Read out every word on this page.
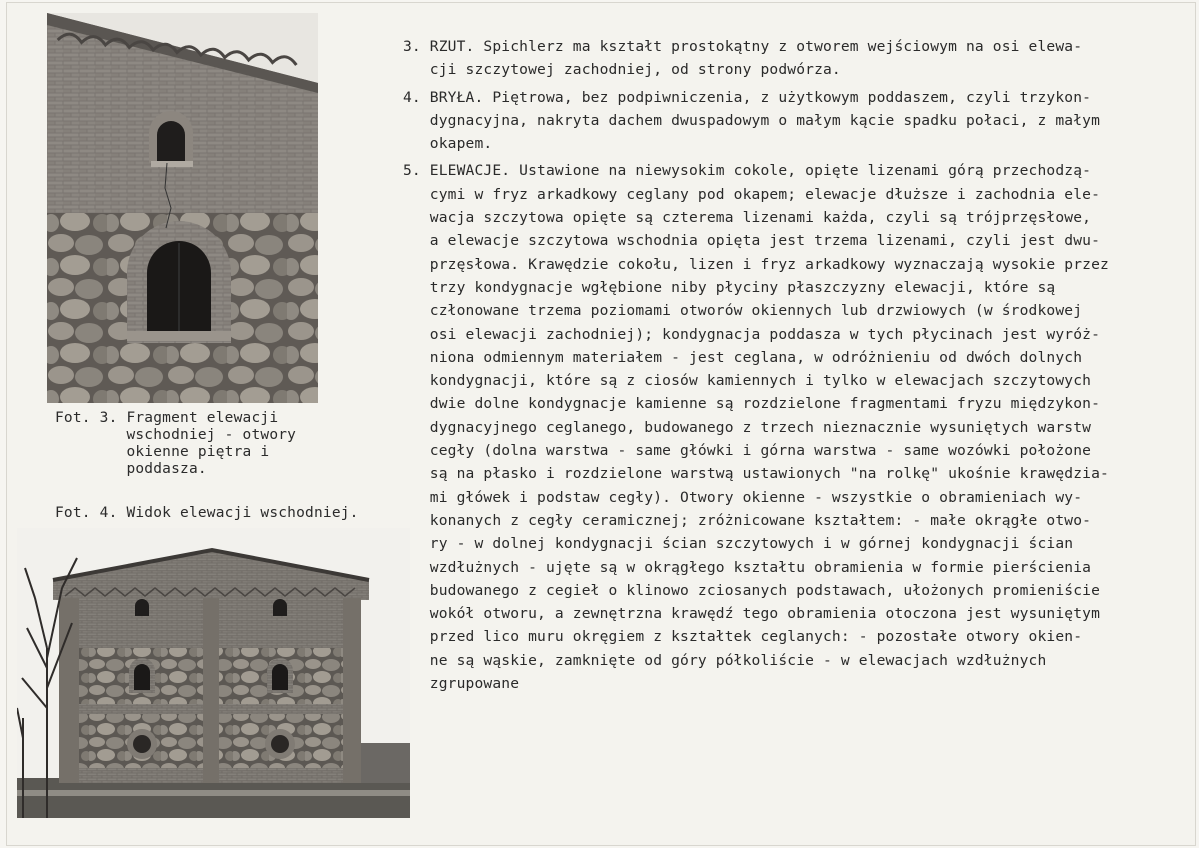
Fot. 3. Fragment elewacji
wschodniej - otwory
okienne piętra i
poddasza.
Fot. 4. Widok elewacji wschodniej.
3. RZUT. Spichlerz ma kształt prostokątny z otworem wejściowym na osi elewa-
cji szczytowej zachodniej, od strony podwórza.
4. BRYŁA. Piętrowa, bez podpiwniczenia, z użytkowym poddaszem, czyli trzykon-
dygnacyjna, nakryta dachem dwuspadowym o małym kącie spadku połaci, z małym
okapem.
5. ELEWACJE. Ustawione na niewysokim cokole, opięte lizenami górą przechodzą-
cymi w fryz arkadkowy ceglany pod okapem; elewacje dłuższe i zachodnia ele-
wacja szczytowa opięte są czterema lizenami każda, czyli są trójprzęsłowe,
a elewacje szczytowa wschodnia opięta jest trzema lizenami, czyli jest dwu-
przęsłowa. Krawędzie cokołu, lizen i fryz arkadkowy wyznaczają wysokie przez
trzy kondygnacje wgłębione niby płyciny płaszczyzny elewacji, które są
członowane trzema poziomami otworów okiennych lub drzwiowych (w środkowej
osi elewacji zachodniej); kondygnacja poddasza w tych płycinach jest wyróż-
niona odmiennym materiałem - jest ceglana, w odróżnieniu od dwóch dolnych
kondygnacji, które są z ciosów kamiennych i tylko w elewacjach szczytowych
dwie dolne kondygnacje kamienne są rozdzielone fragmentami fryzu międzykon-
dygnacyjnego ceglanego, budowanego z trzech nieznacznie wysuniętych warstw
cegły (dolna warstwa - same główki i górna warstwa - same wozówki położone
są na płasko i rozdzielone warstwą ustawionych "na rolkę" ukośnie krawędzia-
mi główek i podstaw cegły). Otwory okienne - wszystkie o obramieniach wy-
konanych z cegły ceramicznej; zróżnicowane kształtem: - małe okrągłe otwo-
ry - w dolnej kondygnacji ścian szczytowych i w górnej kondygnacji ścian
wzdłużnych - ujęte są w okrągłego kształtu obramienia w formie pierścienia
budowanego z cegieł o klinowo zciosanych podstawach, ułożonych promieniście
wokół otworu, a zewnętrzna krawędź tego obramienia otoczona jest wysuniętym
przed lico muru okręgiem z kształtek ceglanych: - pozostałe otwory okien-
ne są wąskie, zamknięte od góry półkoliście - w elewacjach wzdłużnych
zgrupowane
